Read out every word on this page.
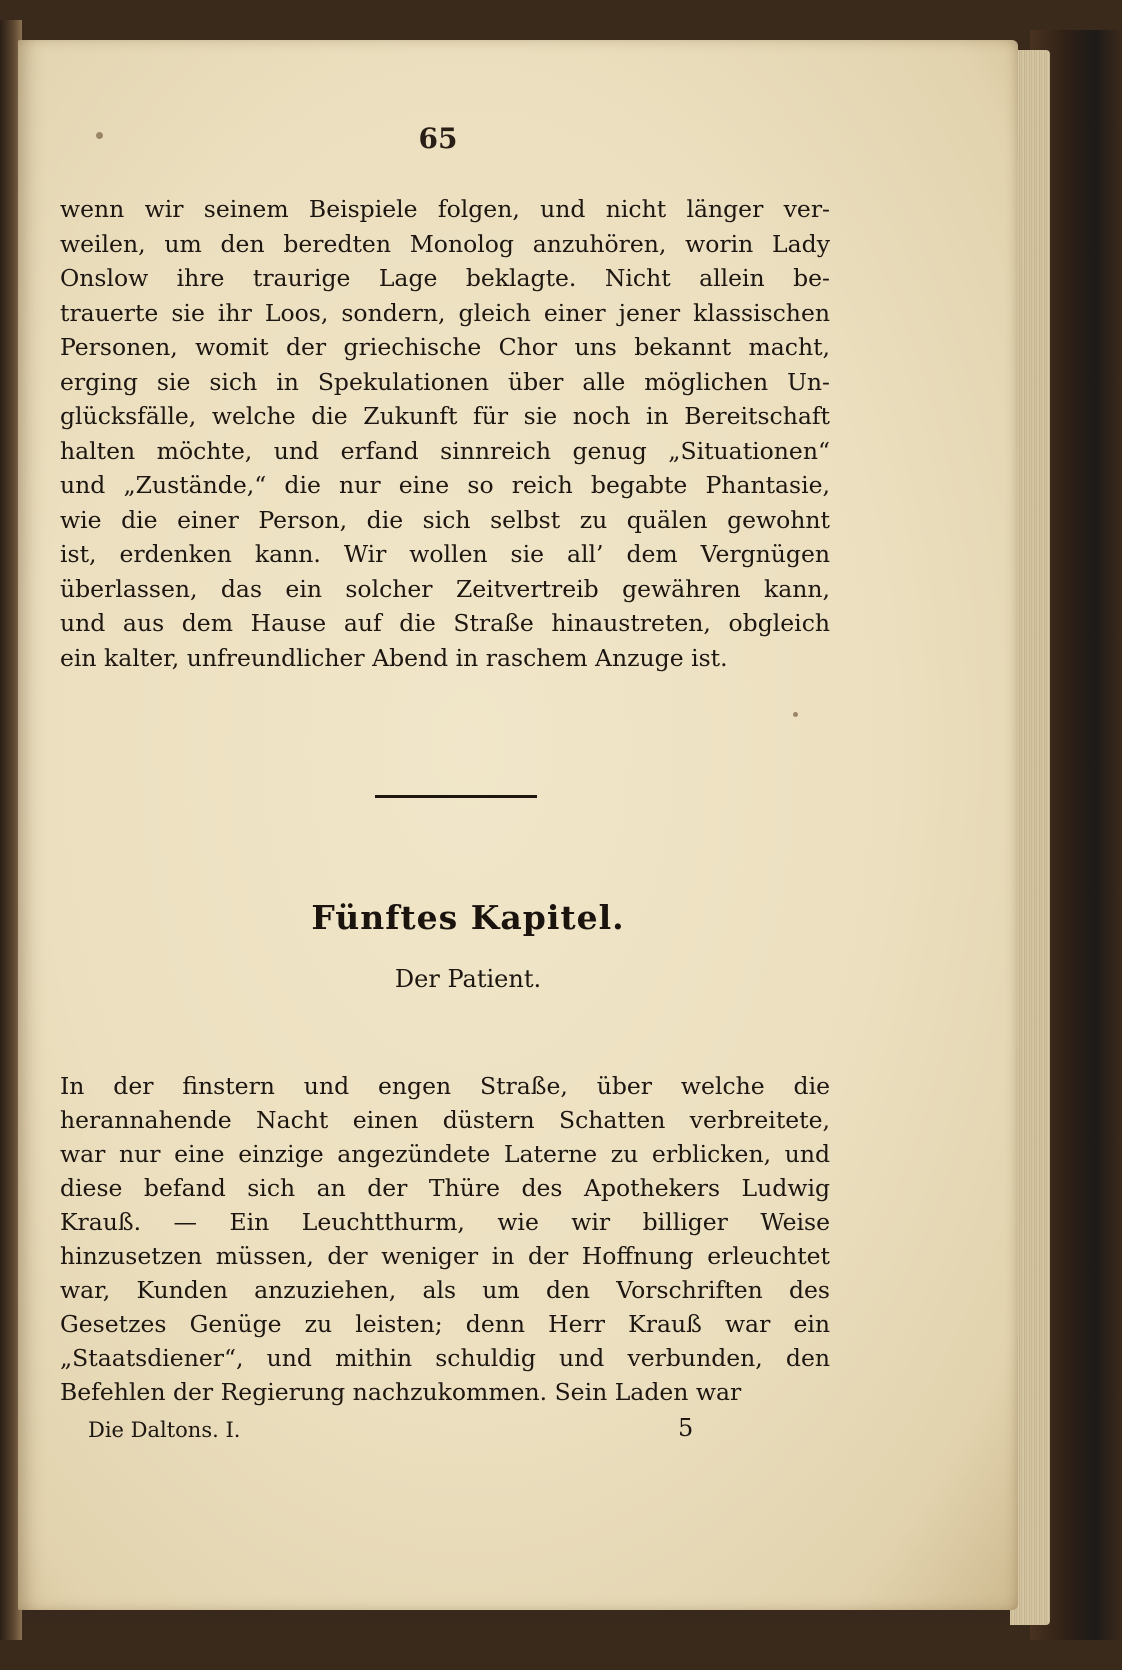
65
wenn wir seinem Beispiele folgen, und nicht länger ver-
weilen, um den beredten Monolog anzuhören, worin Lady
Onslow ihre traurige Lage beklagte. Nicht allein be-
trauerte sie ihr Loos, sondern, gleich einer jener klassischen
Personen, womit der griechische Chor uns bekannt macht,
erging sie sich in Spekulationen über alle möglichen Un-
glücksfälle, welche die Zukunft für sie noch in Bereitschaft
halten möchte, und erfand sinnreich genug „Situationen“
und „Zustände,“ die nur eine so reich begabte Phantasie,
wie die einer Person, die sich selbst zu quälen gewohnt
ist, erdenken kann. Wir wollen sie all’ dem Vergnügen
überlassen, das ein solcher Zeitvertreib gewähren kann,
und aus dem Hause auf die Straße hinaustreten, obgleich
ein kalter, unfreundlicher Abend in raschem Anzuge ist.
Fünftes Kapitel.
Der Patient.
In der finstern und engen Straße, über welche die
herannahende Nacht einen düstern Schatten verbreitete,
war nur eine einzige angezündete Laterne zu erblicken, und
diese befand sich an der Thüre des Apothekers Ludwig
Krauß. — Ein Leuchtthurm, wie wir billiger Weise
hinzusetzen müssen, der weniger in der Hoffnung erleuchtet
war, Kunden anzuziehen, als um den Vorschriften des
Gesetzes Genüge zu leisten; denn Herr Krauß war ein
„Staatsdiener“, und mithin schuldig und verbunden, den
Die Daltons. I.	5
Befehlen der Regierung nachzukommen. Sein Laden war
